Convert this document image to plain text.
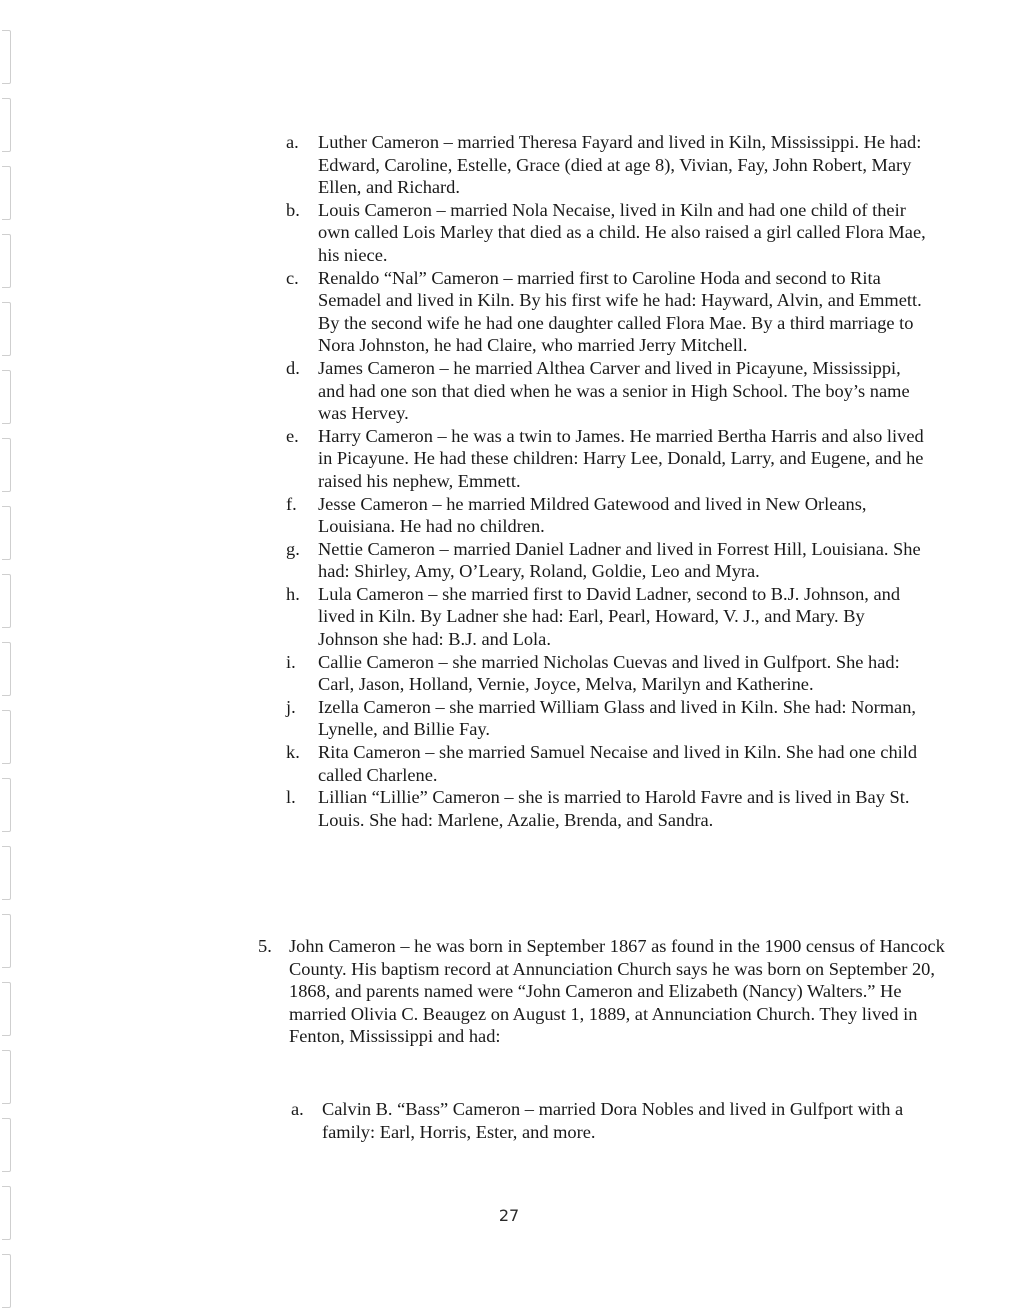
a.	Luther Cameron – married Theresa Fayard and lived in Kiln, Mississippi. He had: Edward, Caroline, Estelle, Grace (died at age 8), Vivian, Fay, John Robert, Mary Ellen, and Richard.
b. Louis Cameron – married Nola Necaise, lived in Kiln and had one child of their own called Lois Marley that died as a child. He also raised a girl called Flora Mae, his niece.
c.	Renaldo “Nal” Cameron – married first to Caroline Hoda and second to Rita Semadel and lived in Kiln. By his first wife he had: Hayward, Alvin, and Emmett. By the second wife he had one daughter called Flora Mae. By a third marriage to Nora Johnston, he had Claire, who married Jerry Mitchell.
d. James Cameron – he married Althea Carver and lived in Picayune, Mississippi, and had one son that died when he was a senior in High School. The boy’s name was Hervey.
e.	Harry Cameron – he was a twin to James. He married Bertha Harris and also lived in Picayune. He had these children: Harry Lee, Donald, Larry, and Eugene, and he raised his nephew, Emmett.
f.	Jesse Cameron – he married Mildred Gatewood and lived in New Orleans, Louisiana. He had no children.
g. Nettie Cameron – married Daniel Ladner and lived in Forrest Hill, Louisiana. She had: Shirley, Amy, O’Leary, Roland, Goldie, Leo and Myra.
h. Lula Cameron – she married first to David Ladner, second to B.J. Johnson, and lived in Kiln. By Ladner she had: Earl, Pearl, Howard, V. J., and Mary. By Johnson she had: B.J. and Lola.
i.	Callie Cameron – she married Nicholas Cuevas and lived in Gulfport. She had: Carl, Jason, Holland, Vernie, Joyce, Melva, Marilyn and Katherine.
j.	Izella Cameron – she married William Glass and lived in Kiln. She had: Norman, Lynelle, and Billie Fay.
k. Rita Cameron – she married Samuel Necaise and lived in Kiln. She had one child called Charlene.
l.	Lillian “Lillie” Cameron – she is married to Harold Favre and is lived in Bay St. Louis. She had: Marlene, Azalie, Brenda, and Sandra.
5. John Cameron – he was born in September 1867 as found in the 1900 census of Hancock County. His baptism record at Annunciation Church says he was born on September 20, 1868, and parents named were “John Cameron and Elizabeth (Nancy) Walters.” He married Olivia C. Beaugez on August 1, 1889, at Annunciation Church. They lived in Fenton, Mississippi and had:
a. Calvin B. “Bass” Cameron – married Dora Nobles and lived in Gulfport with a family: Earl, Horris, Ester, and more.
27
